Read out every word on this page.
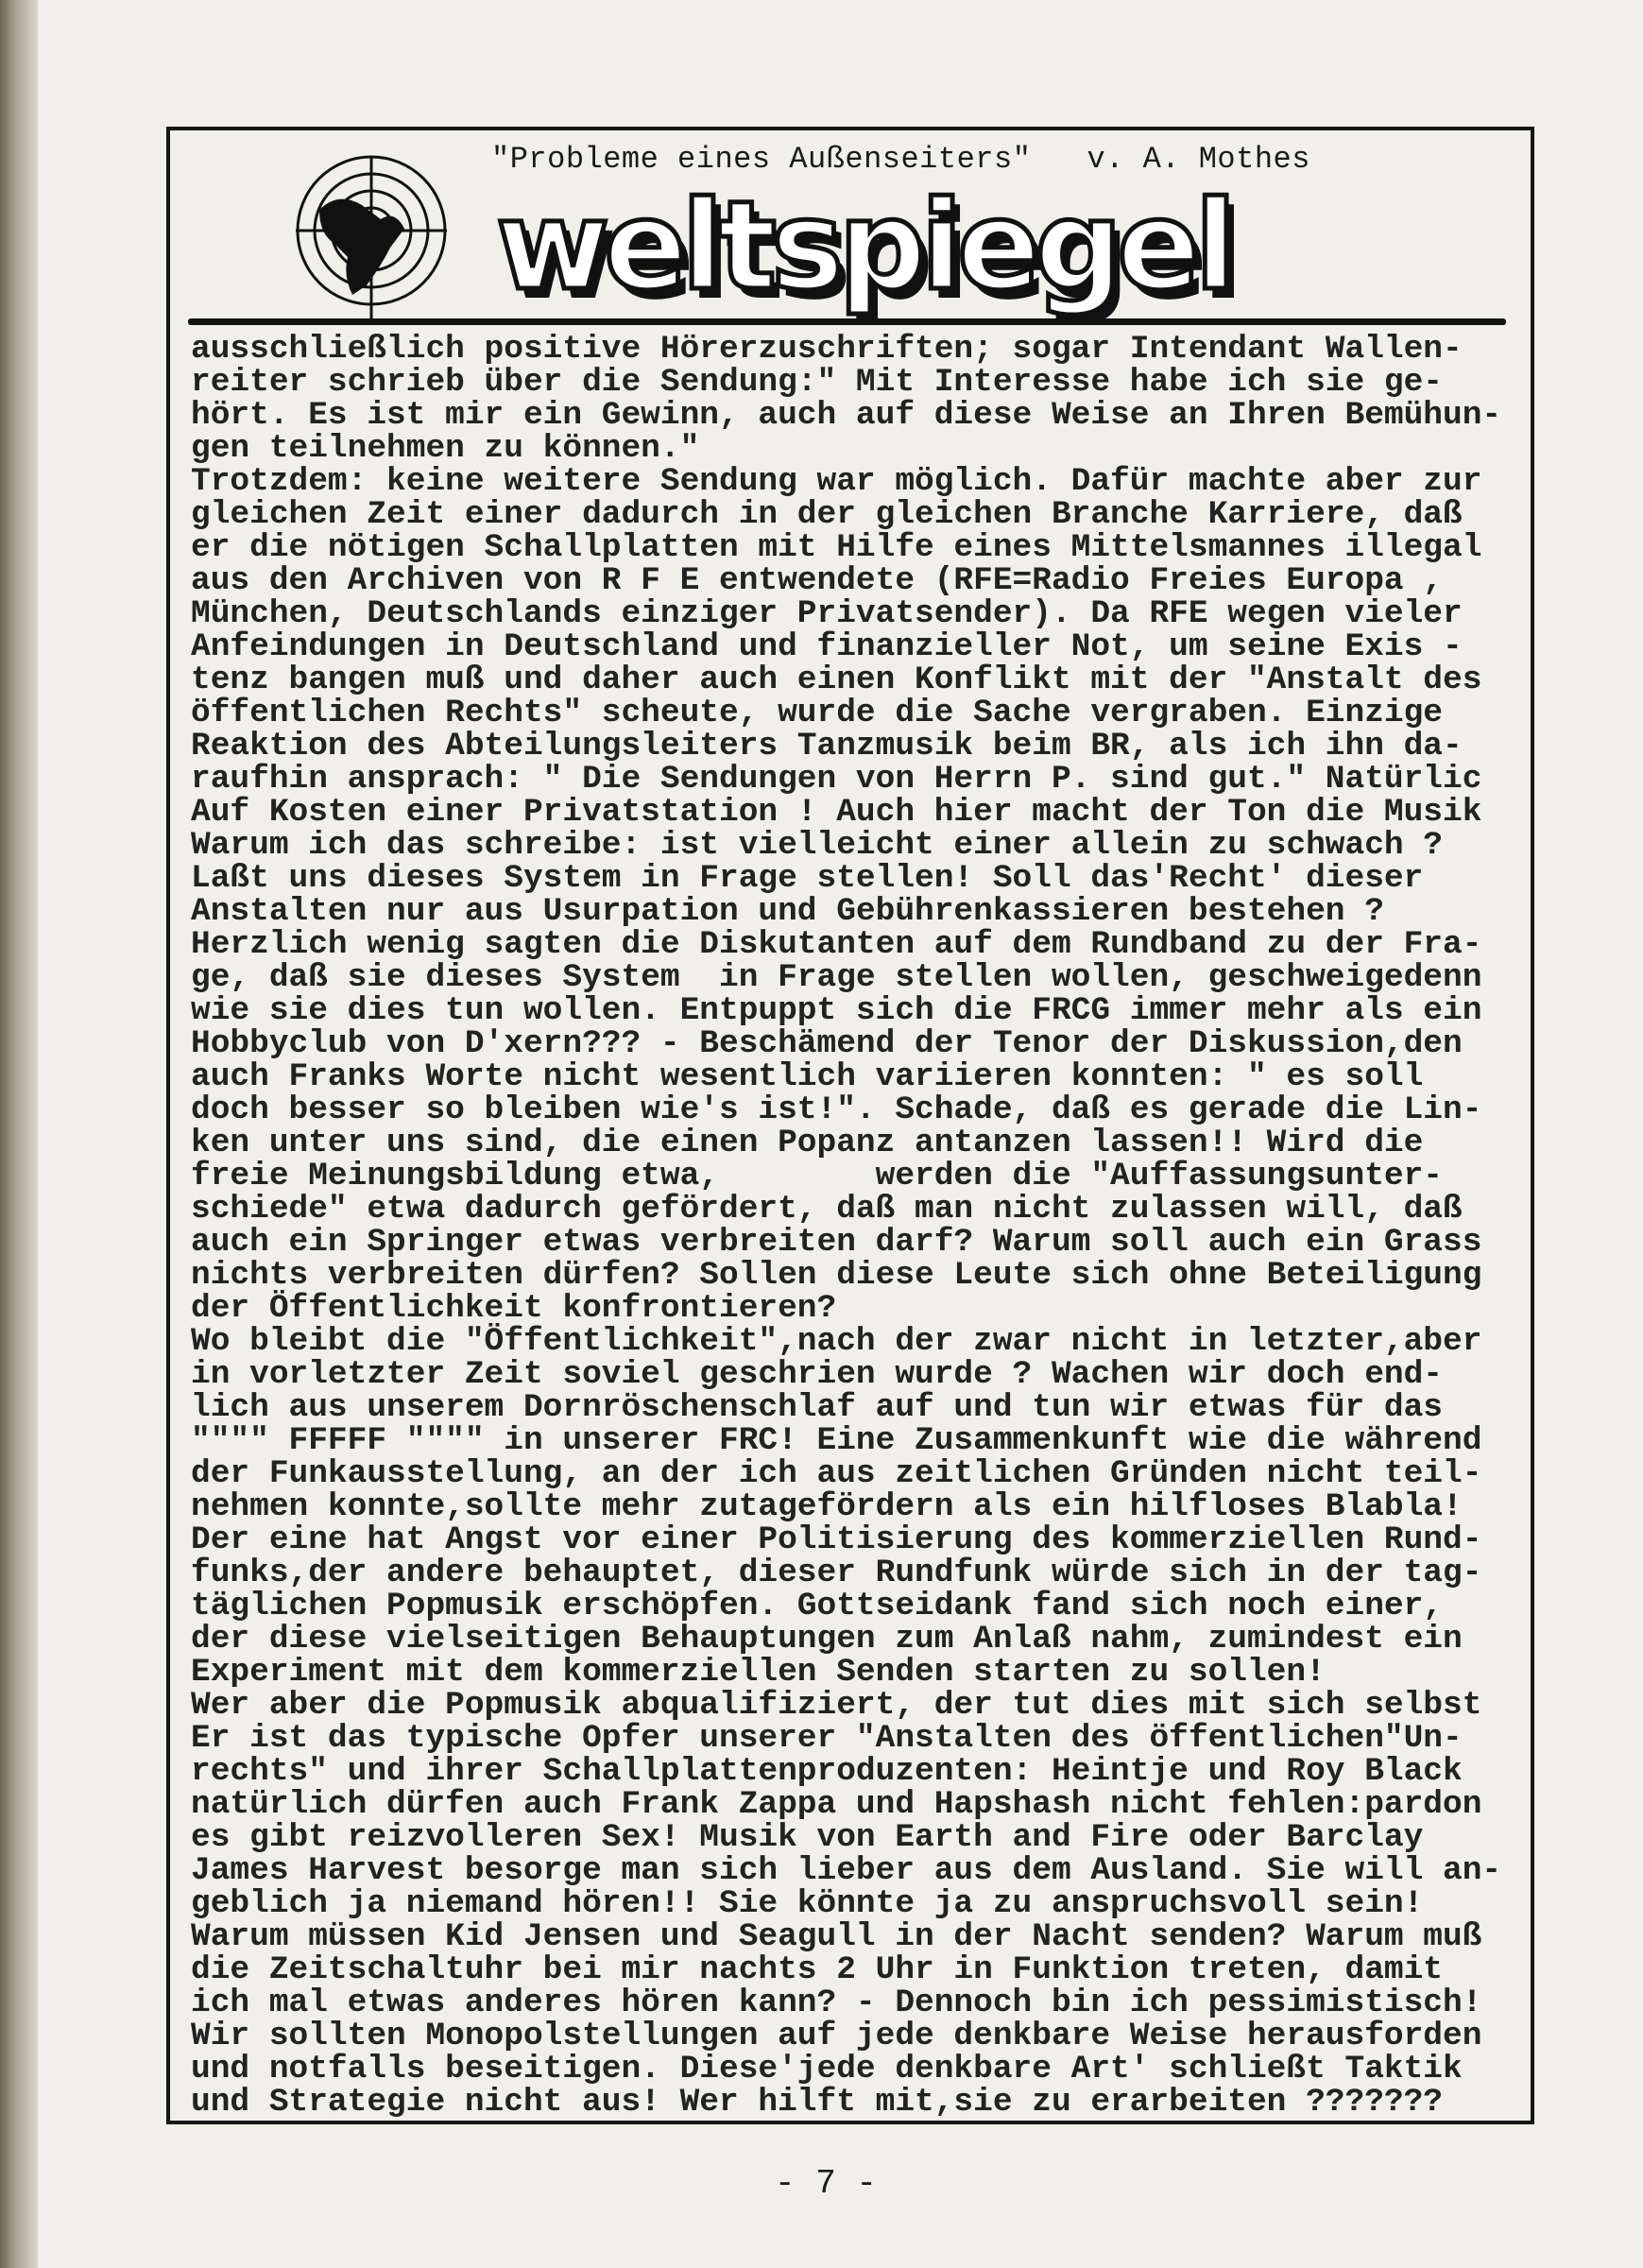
"Probleme eines Außenseiters"   v. A. Mothes
weltspiegel
ausschließlich positive Hörerzuschriften; sogar Intendant Wallen-
reiter schrieb über die Sendung:" Mit Interesse habe ich sie ge-
hört. Es ist mir ein Gewinn, auch auf diese Weise an Ihren Bemühun-
gen teilnehmen zu können."
Trotzdem: keine weitere Sendung war möglich. Dafür machte aber zur
gleichen Zeit einer dadurch in der gleichen Branche Karriere, daß
er die nötigen Schallplatten mit Hilfe eines Mittelsmannes illegal
aus den Archiven von R F E entwendete (RFE=Radio Freies Europa ,
München, Deutschlands einziger Privatsender). Da RFE wegen vieler
Anfeindungen in Deutschland und finanzieller Not, um seine Exis -
tenz bangen muß und daher auch einen Konflikt mit der "Anstalt des
öffentlichen Rechts" scheute, wurde die Sache vergraben. Einzige
Reaktion des Abteilungsleiters Tanzmusik beim BR, als ich ihn da-
raufhin ansprach: " Die Sendungen von Herrn P. sind gut." Natürlic
Auf Kosten einer Privatstation ! Auch hier macht der Ton die Musik
Warum ich das schreibe: ist vielleicht einer allein zu schwach ?
Laßt uns dieses System in Frage stellen! Soll das'Recht' dieser
Anstalten nur aus Usurpation und Gebührenkassieren bestehen ?
Herzlich wenig sagten die Diskutanten auf dem Rundband zu der Fra-
ge, daß sie dieses System  in Frage stellen wollen, geschweigedenn
wie sie dies tun wollen. Entpuppt sich die FRCG immer mehr als ein
Hobbyclub von D'xern??? - Beschämend der Tenor der Diskussion,den
auch Franks Worte nicht wesentlich variieren konnten: " es soll
doch besser so bleiben wie's ist!". Schade, daß es gerade die Lin-
ken unter uns sind, die einen Popanz antanzen lassen!! Wird die
freie Meinungsbildung etwa,        werden die "Auffassungsunter-
schiede" etwa dadurch gefördert, daß man nicht zulassen will, daß
auch ein Springer etwas verbreiten darf? Warum soll auch ein Grass
nichts verbreiten dürfen? Sollen diese Leute sich ohne Beteiligung
der Öffentlichkeit konfrontieren?
Wo bleibt die "Öffentlichkeit",nach der zwar nicht in letzter,aber
in vorletzter Zeit soviel geschrien wurde ? Wachen wir doch end-
lich aus unserem Dornröschenschlaf auf und tun wir etwas für das
"""" FFFFF """" in unserer FRC! Eine Zusammenkunft wie die während
der Funkausstellung, an der ich aus zeitlichen Gründen nicht teil-
nehmen konnte,sollte mehr zutagefördern als ein hilfloses Blabla!
Der eine hat Angst vor einer Politisierung des kommerziellen Rund-
funks,der andere behauptet, dieser Rundfunk würde sich in der tag-
täglichen Popmusik erschöpfen. Gottseidank fand sich noch einer,
der diese vielseitigen Behauptungen zum Anlaß nahm, zumindest ein
Experiment mit dem kommerziellen Senden starten zu sollen!
Wer aber die Popmusik abqualifiziert, der tut dies mit sich selbst
Er ist das typische Opfer unserer "Anstalten des öffentlichen"Un-
rechts" und ihrer Schallplattenproduzenten: Heintje und Roy Black
natürlich dürfen auch Frank Zappa und Hapshash nicht fehlen:pardon
es gibt reizvolleren Sex! Musik von Earth and Fire oder Barclay
James Harvest besorge man sich lieber aus dem Ausland. Sie will an-
geblich ja niemand hören!! Sie könnte ja zu anspruchsvoll sein!
Warum müssen Kid Jensen und Seagull in der Nacht senden? Warum muß
die Zeitschaltuhr bei mir nachts 2 Uhr in Funktion treten, damit
ich mal etwas anderes hören kann? - Dennoch bin ich pessimistisch!
Wir sollten Monopolstellungen auf jede denkbare Weise herausforden
und notfalls beseitigen. Diese'jede denkbare Art' schließt Taktik
und Strategie nicht aus! Wer hilft mit,sie zu erarbeiten ???????
- 7 -
